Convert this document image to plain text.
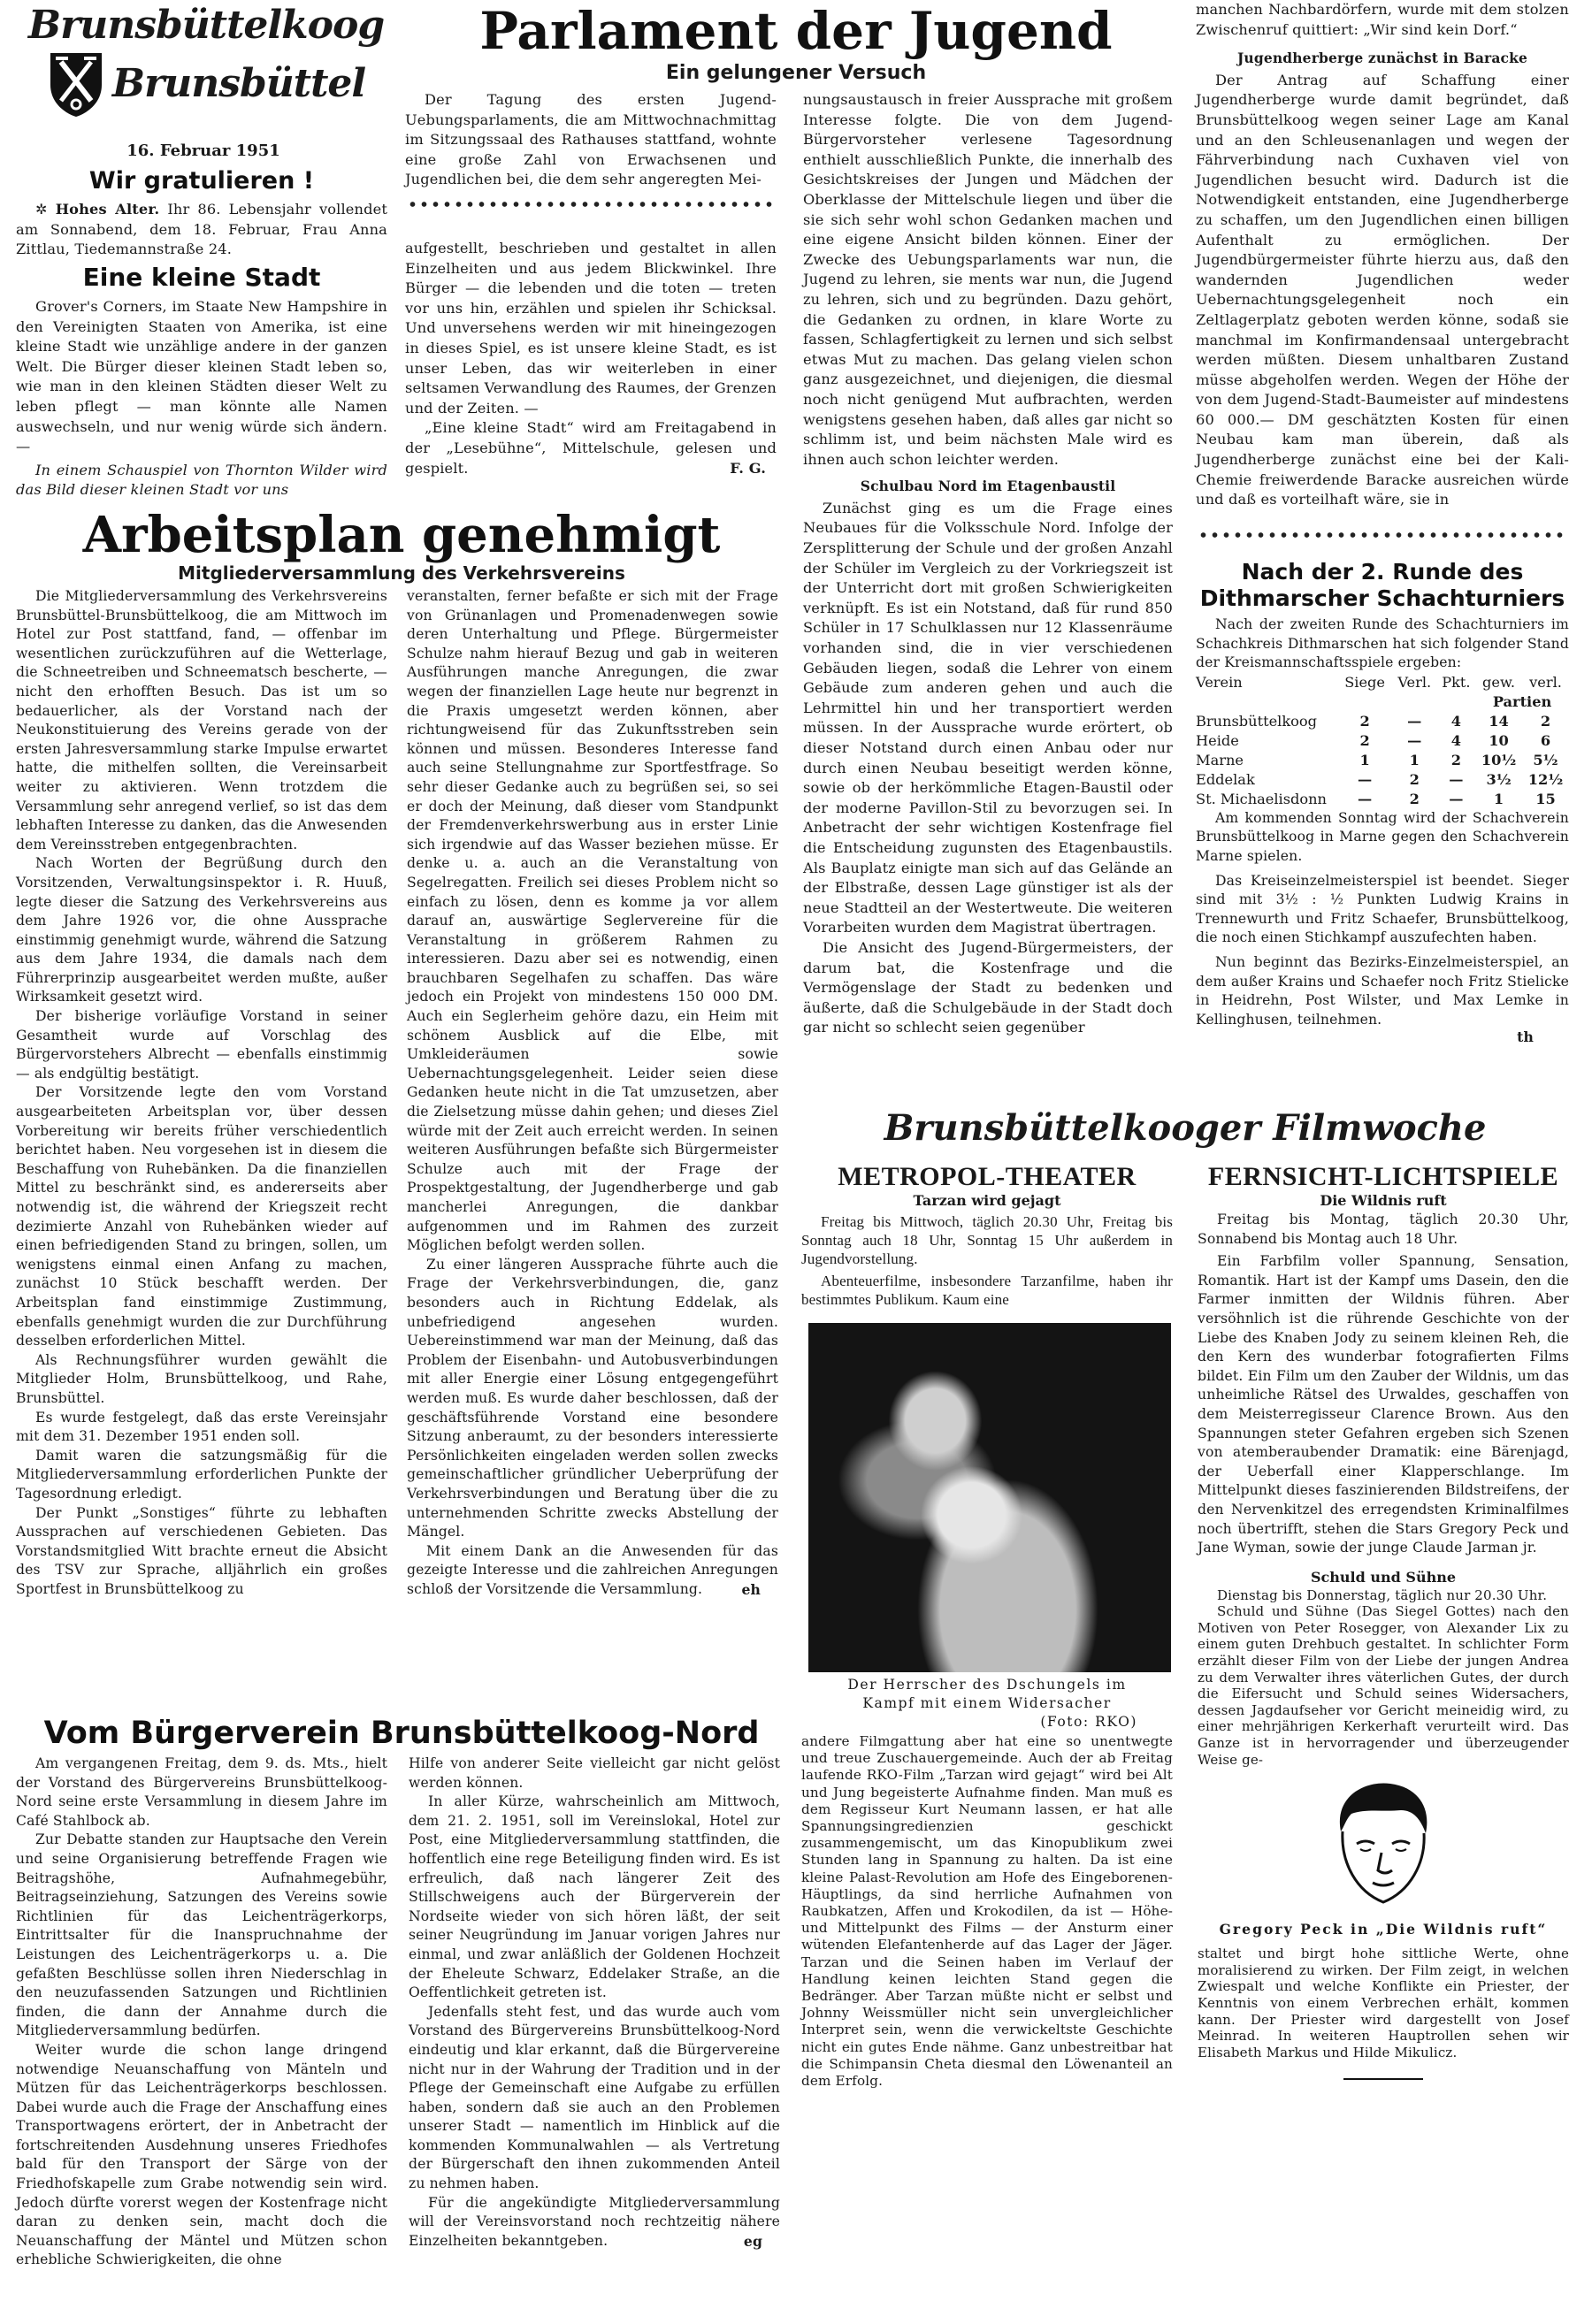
Brunsbüttelkoog
Brunsbüttel
16. Februar 1951
Wir gratulieren !

✲ Hohes Alter. Ihr 86. Lebensjahr vollendet am Sonnabend, dem 18. Februar, Frau Anna Zittlau, Tiedemannstraße 24.

Eine kleine Stadt

Grover's Corners, im Staate New Hampshire in den Vereinigten Staaten von Amerika, ist eine kleine Stadt wie unzählige andere in der ganzen Welt. Die Bürger dieser kleinen Stadt leben so, wie man in den kleinen Städten dieser Welt zu leben pflegt — man könnte alle Namen auswechseln, und nur wenig würde sich ändern. —

In einem Schauspiel von Thornton Wilder wird das Bild dieser kleinen Stadt vor uns

aufgestellt, beschrieben und gestaltet in allen Einzelheiten und aus jedem Blickwinkel. Ihre Bürger — die lebenden und die toten — treten vor uns hin, erzählen und spielen ihr Schicksal. Und unversehens werden wir mit hineingezogen in dieses Spiel, es ist unsere kleine Stadt, es ist unser Leben, das wir weiterleben in einer seltsamen Verwandlung des Raumes, der Grenzen und der Zeiten. —

„Eine kleine Stadt“ wird am Freitagabend in der „Lesebühne“, Mittelschule, gelesen und gespielt.	F. G.
Parlament der Jugend
Ein gelungener Versuch

Der Tagung des ersten Jugend-Uebungsparlaments, die am Mittwochnachmittag im Sitzungssaal des Rathauses stattfand, wohnte eine große Zahl von Erwachsenen und Jugendlichen bei, die dem sehr angeregten Mei-

nungsaustausch in freier Aussprache mit großem Interesse folgte. Die von dem Jugend-Bürgervorsteher verlesene Tagesordnung enthielt ausschließlich Punkte, die innerhalb des Gesichtskreises der Jungen und Mädchen der Oberklasse der Mittelschule liegen und über die sie sich sehr wohl schon Gedanken machen und eine eigene Ansicht bilden können. Einer der Zwecke des Uebungsparlaments war nun, die Jugend zu lehren, sie ments war nun, die Jugend zu lehren, sich und zu begründen. Dazu gehört, die Gedanken zu ordnen, in klare Worte zu fassen, Schlagfertigkeit zu lernen und sich selbst etwas Mut zu machen. Das gelang vielen schon ganz ausgezeichnet, und diejenigen, die diesmal noch nicht genügend Mut aufbrachten, werden wenigstens gesehen haben, daß alles gar nicht so schlimm ist, und beim nächsten Male wird es ihnen auch schon leichter werden.

Schulbau Nord im Etagenbaustil

Zunächst ging es um die Frage eines Neubaues für die Volksschule Nord. Infolge der Zersplitterung der Schule und der großen Anzahl der Schüler im Vergleich zu der Vorkriegszeit ist der Unterricht dort mit großen Schwierigkeiten verknüpft. Es ist ein Notstand, daß für rund 850 Schüler in 17 Schulklassen nur 12 Klassenräume vorhanden sind, die in vier verschiedenen Gebäuden liegen, sodaß die Lehrer von einem Gebäude zum anderen gehen und auch die Lehrmittel hin und her transportiert werden müssen. In der Aussprache wurde erörtert, ob dieser Notstand durch einen Anbau oder nur durch einen Neubau beseitigt werden könne, sowie ob der herkömmliche Etagen-Baustil oder der moderne Pavillon-Stil zu bevorzugen sei. In Anbetracht der sehr wichtigen Kostenfrage fiel die Entscheidung zugunsten des Etagenbaustils. Als Bauplatz einigte man sich auf das Gelände an der Elbstraße, dessen Lage günstiger ist als der neue Stadtteil an der Westertweute. Die weiteren Vorarbeiten wurden dem Magistrat übertragen.

Die Ansicht des Jugend-Bürgermeisters, der darum bat, die Kostenfrage und die Vermögenslage der Stadt zu bedenken und äußerte, daß die Schulgebäude in der Stadt doch gar nicht so schlecht seien gegenüber

manchen Nachbardörfern, wurde mit dem stolzen Zwischenruf quittiert: „Wir sind kein Dorf.“

Jugendherberge zunächst in Baracke

Der Antrag auf Schaffung einer Jugendherberge wurde damit begründet, daß Brunsbüttelkoog wegen seiner Lage am Kanal und an den Schleusenanlagen und wegen der Fährverbindung nach Cuxhaven viel von Jugendlichen besucht wird. Dadurch ist die Notwendigkeit entstanden, eine Jugendherberge zu schaffen, um den Jugendlichen einen billigen Aufenthalt zu ermöglichen. Der Jugendbürgermeister führte hierzu aus, daß den wandernden Jugendlichen weder Uebernachtungsgelegenheit noch ein Zeltlagerplatz geboten werden könne, sodaß sie manchmal im Konfirmandensaal untergebracht werden müßten. Diesem unhaltbaren Zustand müsse abgeholfen werden. Wegen der Höhe der von dem Jugend-Stadt-Baumeister auf mindestens 60 000.— DM geschätzten Kosten für einen Neubau kam man überein, daß als Jugendherberge zunächst eine bei der Kali-Chemie freiwerdende Baracke ausreichen würde und daß es vorteilhaft wäre, sie in

Arbeitsplan genehmigt
Mitgliederversammlung des Verkehrsvereins

Die Mitgliederversammlung des Verkehrsvereins Brunsbüttel-Brunsbüttelkoog, die am Mittwoch im Hotel zur Post stattfand, fand, — offenbar im wesentlichen zurückzuführen auf die Wetterlage, die Schneetreiben und Schneematsch bescherte, — nicht den erhofften Besuch. Das ist um so bedauerlicher, als der Vorstand nach der Neukonstituierung des Vereins gerade von der ersten Jahresversammlung starke Impulse erwartet hatte, die mithelfen sollten, die Vereinsarbeit weiter zu aktivieren. Wenn trotzdem die Versammlung sehr anregend verlief, so ist das dem lebhaften Interesse zu danken, das die Anwesenden dem Vereinsstreben entgegenbrachten.

Nach Worten der Begrüßung durch den Vorsitzenden, Verwaltungsinspektor i. R. Huuß, legte dieser die Satzung des Verkehrsvereins aus dem Jahre 1926 vor, die ohne Aussprache einstimmig genehmigt wurde, während die Satzung aus dem Jahre 1934, die damals nach dem Führerprinzip ausgearbeitet werden mußte, außer Wirksamkeit gesetzt wird.

Der bisherige vorläufige Vorstand in seiner Gesamtheit wurde auf Vorschlag des Bürgervorstehers Albrecht — ebenfalls einstimmig — als endgültig bestätigt.

Der Vorsitzende legte den vom Vorstand ausgearbeiteten Arbeitsplan vor, über dessen Vorbereitung wir bereits früher verschiedentlich berichtet haben. Neu vorgesehen ist in diesem die Beschaffung von Ruhebänken. Da die finanziellen Mittel zu beschränkt sind, es andererseits aber notwendig ist, die während der Kriegszeit recht dezimierte Anzahl von Ruhebänken wieder auf einen befriedigenden Stand zu bringen, sollen, um wenigstens einmal einen Anfang zu machen, zunächst 10 Stück beschafft werden. Der Arbeitsplan fand einstimmige Zustimmung, ebenfalls genehmigt wurden die zur Durchführung desselben erforderlichen Mittel.

Als Rechnungsführer wurden gewählt die Mitglieder Holm, Brunsbüttelkoog, und Rahe, Brunsbüttel.

Es wurde festgelegt, daß das erste Vereinsjahr mit dem 31. Dezember 1951 enden soll.

Damit waren die satzungsmäßig für die Mitgliederversammlung erforderlichen Punkte der Tagesordnung erledigt.

Der Punkt „Sonstiges“ führte zu lebhaften Aussprachen auf verschiedenen Gebieten. Das Vorstandsmitglied Witt brachte erneut die Absicht des TSV zur Sprache, alljährlich ein großes Sportfest in Brunsbüttelkoog zu

veranstalten, ferner befaßte er sich mit der Frage von Grünanlagen und Promenadenwegen sowie deren Unterhaltung und Pflege. Bürgermeister Schulze nahm hierauf Bezug und gab in weiteren Ausführungen manche Anregungen, die zwar wegen der finanziellen Lage heute nur begrenzt in die Praxis umgesetzt werden können, aber richtungweisend für das Zukunftsstreben sein können und müssen. Besonderes Interesse fand auch seine Stellungnahme zur Sportfestfrage. So sehr dieser Gedanke auch zu begrüßen sei, so sei er doch der Meinung, daß dieser vom Standpunkt der Fremdenverkehrswerbung aus in erster Linie sich irgendwie auf das Wasser beziehen müsse. Er denke u. a. auch an die Veranstaltung von Segelregatten. Freilich sei dieses Problem nicht so einfach zu lösen, denn es komme ja vor allem darauf an, auswärtige Seglervereine für die Veranstaltung in größerem Rahmen zu interessieren. Dazu aber sei es notwendig, einen brauchbaren Segelhafen zu schaffen. Das wäre jedoch ein Projekt von mindestens 150 000 DM. Auch ein Seglerheim gehöre dazu, ein Heim mit schönem Ausblick auf die Elbe, mit Umkleideräumen sowie Uebernachtungsgelegenheit. Leider seien diese Gedanken heute nicht in die Tat umzusetzen, aber die Zielsetzung müsse dahin gehen; und dieses Ziel würde mit der Zeit auch erreicht werden. In seinen weiteren Ausführungen befaßte sich Bürgermeister Schulze auch mit der Frage der Prospektgestaltung, der Jugendherberge und gab mancherlei Anregungen, die dankbar aufgenommen und im Rahmen des zurzeit Möglichen befolgt werden sollen.

Zu einer längeren Aussprache führte auch die Frage der Verkehrsverbindungen, die, ganz besonders auch in Richtung Eddelak, als unbefriedigend angesehen wurden. Uebereinstimmend war man der Meinung, daß das Problem der Eisenbahn- und Autobusverbindungen mit aller Energie einer Lösung entgegengeführt werden muß. Es wurde daher beschlossen, daß der geschäftsführende Vorstand eine besondere Sitzung anberaumt, zu der besonders interessierte Persönlichkeiten eingeladen werden sollen zwecks gemeinschaftlicher gründlicher Ueberprüfung der Verkehrsverbindungen und Beratung über die zu unternehmenden Schritte zwecks Abstellung der Mängel.

Mit einem Dank an die Anwesenden für das gezeigte Interesse und die zahlreichen Anregungen schloß der Vorsitzende die Versammlung.	eh
Vom Bürgerverein Brunsbüttelkoog-Nord

Am vergangenen Freitag, dem 9. ds. Mts., hielt der Vorstand des Bürgervereins Brunsbüttelkoog-Nord seine erste Versammlung in diesem Jahre im Café Stahlbock ab.

Zur Debatte standen zur Hauptsache den Verein und seine Organisierung betreffende Fragen wie Beitragshöhe, Aufnahmegebühr, Beitragseinziehung, Satzungen des Vereins sowie Richtlinien für das Leichenträgerkorps, Eintrittsalter für die Inanspruchnahme der Leistungen des Leichenträgerkorps u. a. Die gefaßten Beschlüsse sollen ihren Niederschlag in den neuzufassenden Satzungen und Richtlinien finden, die dann der Annahme durch die Mitgliederversammlung bedürfen.

Weiter wurde die schon lange dringend notwendige Neuanschaffung von Mänteln und Mützen für das Leichenträgerkorps beschlossen. Dabei wurde auch die Frage der Anschaffung eines Transportwagens erörtert, der in Anbetracht der fortschreitenden Ausdehnung unseres Friedhofes bald für den Transport der Särge von der Friedhofskapelle zum Grabe notwendig sein wird. Jedoch dürfte vorerst wegen der Kostenfrage nicht daran zu denken sein, macht doch die Neuanschaffung der Mäntel und Mützen schon erhebliche Schwierigkeiten, die ohne

Hilfe von anderer Seite vielleicht gar nicht gelöst werden können.

In aller Kürze, wahrscheinlich am Mittwoch, dem 21. 2. 1951, soll im Vereinslokal, Hotel zur Post, eine Mitgliederversammlung stattfinden, die hoffentlich eine rege Beteiligung finden wird. Es ist erfreulich, daß nach längerer Zeit des Stillschweigens auch der Bürgerverein der Nordseite wieder von sich hören läßt, der seit seiner Neugründung im Januar vorigen Jahres nur einmal, und zwar anläßlich der Goldenen Hochzeit der Eheleute Schwarz, Eddelaker Straße, an die Oeffentlichkeit getreten ist.

Jedenfalls steht fest, und das wurde auch vom Vorstand des Bürgervereins Brunsbüttelkoog-Nord eindeutig und klar erkannt, daß die Bürgervereine nicht nur in der Wahrung der Tradition und in der Pflege der Gemeinschaft eine Aufgabe zu erfüllen haben, sondern daß sie auch an den Problemen unserer Stadt — namentlich im Hinblick auf die kommenden Kommunalwahlen — als Vertretung der Bürgerschaft den ihnen zukommenden Anteil zu nehmen haben.

Für die angekündigte Mitgliederversammlung will der Vereinsvorstand noch rechtzeitig nähere Einzelheiten bekanntgeben.	eg
Nach der 2. Runde des Dithmarscher Schachturniers

Nach der zweiten Runde des Schachturniers im Schachkreis Dithmarschen hat sich folgender Stand der Kreismannschaftsspiele ergeben:

Verein	Siege	Verl.	Pkt.	gew.	verl.
				Partien	
Brunsbüttelkoog	2	—	4	14	2
Heide	2	—	4	10	6
Marne	1	1	2	10½	5½
Eddelak	—	2	—	3½	12½
St. Michaelisdonn	—	2	—	1	15

Am kommenden Sonntag wird der Schachverein Brunsbüttelkoog in Marne gegen den Schachverein Marne spielen.

Das Kreiseinzelmeisterspiel ist beendet. Sieger sind mit 3½ : ½ Punkten Ludwig Krains in Trennewurth und Fritz Schaefer, Brunsbüttelkoog, die noch einen Stichkampf auszufechten haben.

Nun beginnt das Bezirks-Einzelmeisterspiel, an dem außer Krains und Schaefer noch Fritz Stielicke in Heidrehn, Post Wilster, und Max Lemke in Kellinghusen, teilnehmen.

th
Brunsbüttelkooger Filmwoche
METROPOL-THEATER
Tarzan wird gejagt

Freitag bis Mittwoch, täglich 20.30 Uhr, Freitag bis Sonntag auch 18 Uhr, Sonntag 15 Uhr außerdem in Jugendvorstellung.

Abenteuerfilme, insbesondere Tarzanfilme, haben ihr bestimmtes Publikum. Kaum eine

Der Herrscher des Dschungels im Kampf mit einem Widersacher
(Foto: RKO)

andere Filmgattung aber hat eine so unentwegte und treue Zuschauergemeinde. Auch der ab Freitag laufende RKO-Film „Tarzan wird gejagt“ wird bei Alt und Jung begeisterte Aufnahme finden. Man muß es dem Regisseur Kurt Neumann lassen, er hat alle Spannungsingredienzien geschickt zusammengemischt, um das Kinopublikum zwei Stunden lang in Spannung zu halten. Da ist eine kleine Palast-Revolution am Hofe des Eingeborenen-Häuptlings, da sind herrliche Aufnahmen von Raubkatzen, Affen und Krokodilen, da ist — Höhe- und Mittelpunkt des Films — der Ansturm einer wütenden Elefantenherde auf das Lager der Jäger. Tarzan und die Seinen haben im Verlauf der Handlung keinen leichten Stand gegen die Bedränger. Aber Tarzan müßte nicht er selbst und Johnny Weissmüller nicht sein unvergleichlicher Interpret sein, wenn die verwickeltste Geschichte nicht ein gutes Ende nähme. Ganz unbestreitbar hat die Schimpansin Cheta diesmal den Löwenanteil an dem Erfolg.

FERNSICHT-LICHTSPIELE
Die Wildnis ruft

Freitag bis Montag, täglich 20.30 Uhr, Sonnabend bis Montag auch 18 Uhr.

Ein Farbfilm voller Spannung, Sensation, Romantik. Hart ist der Kampf ums Dasein, den die Farmer inmitten der Wildnis führen. Aber versöhnlich ist die rührende Geschichte von der Liebe des Knaben Jody zu seinem kleinen Reh, die den Kern des wunderbar fotografierten Films bildet. Ein Film um den Zauber der Wildnis, um das unheimliche Rätsel des Urwaldes, geschaffen von dem Meisterregisseur Clarence Brown. Aus den Spannungen steter Gefahren ergeben sich Szenen von atemberaubender Dramatik: eine Bärenjagd, der Ueberfall einer Klapperschlange. Im Mittelpunkt dieses faszinierenden Bildstreifens, der den Nervenkitzel des erregendsten Kriminalfilmes noch übertrifft, stehen die Stars Gregory Peck und Jane Wyman, sowie der junge Claude Jarman jr.

Schuld und Sühne

Dienstag bis Donnerstag, täglich nur 20.30 Uhr.

Schuld und Sühne (Das Siegel Gottes) nach den Motiven von Peter Rosegger, von Alexander Lix zu einem guten Drehbuch gestaltet. In schlichter Form erzählt dieser Film von der Liebe der jungen Andrea zu dem Verwalter ihres väterlichen Gutes, der durch die Eifersucht und Schuld seines Widersachers, dessen Jagdaufseher vor Gericht meineidig wird, zu einer mehrjährigen Kerkerhaft verurteilt wird. Das Ganze ist in hervorragender und überzeugender Weise ge-

Gregory Peck in „Die Wildnis ruft“

staltet und birgt hohe sittliche Werte, ohne moralisierend zu wirken. Der Film zeigt, in welchen Zwiespalt und welche Konflikte ein Priester, der Kenntnis von einem Verbrechen erhält, kommen kann. Der Priester wird dargestellt von Josef Meinrad. In weiteren Hauptrollen sehen wir Elisabeth Markus und Hilde Mikulicz.
